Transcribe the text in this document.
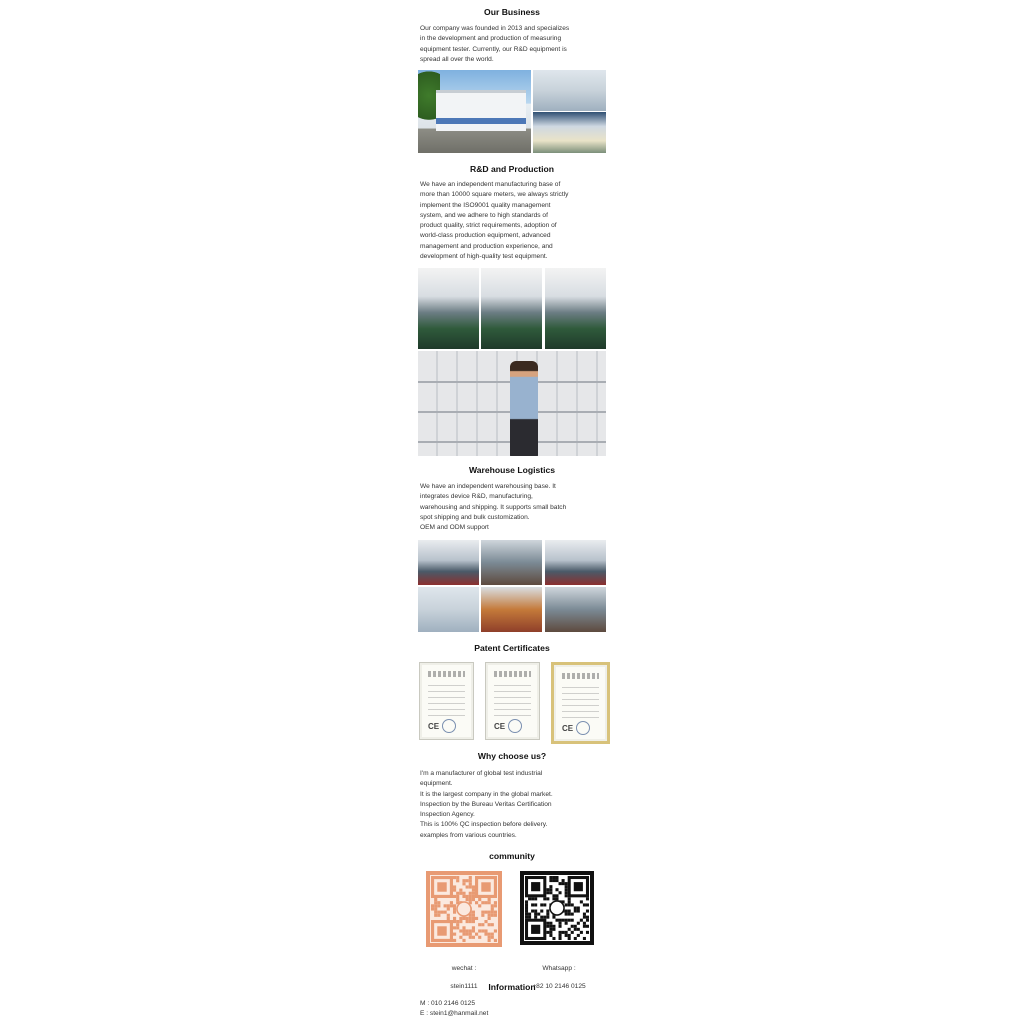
Our Business
Our company was founded in 2013 and specializes
in the development and production of measuring
equipment tester. Currently, our R&D equipment is
spread all over the world.
R&D and Production
We have an independent manufacturing base of
more than 10000 square meters, we always strictly
implement the ISO9001 quality management
system, and we adhere to high standards of
product quality, strict requirements, adoption of
world-class production equipment, advanced
management and production experience, and
development of high-quality test equipment.
Warehouse Logistics
We have an independent warehousing base. It
integrates device R&D, manufacturing,
warehousing and shipping. It supports small batch
spot shipping and bulk customization.
OEM and ODM support
Patent Certificates
CE	CE	CE
Why choose us?
I'm a manufacturer of global test industrial
equipment.
It is the largest company in the global market.
Inspection by the Bureau Veritas Certification
Inspection Agency.
This is 100% QC inspection before delivery.
examples from various countries.
community

wechat :

stein1111

Whatsapp :

+82 10 2146 0125

Information
M : 010 2146 0125
E : stein1@hanmail.net
